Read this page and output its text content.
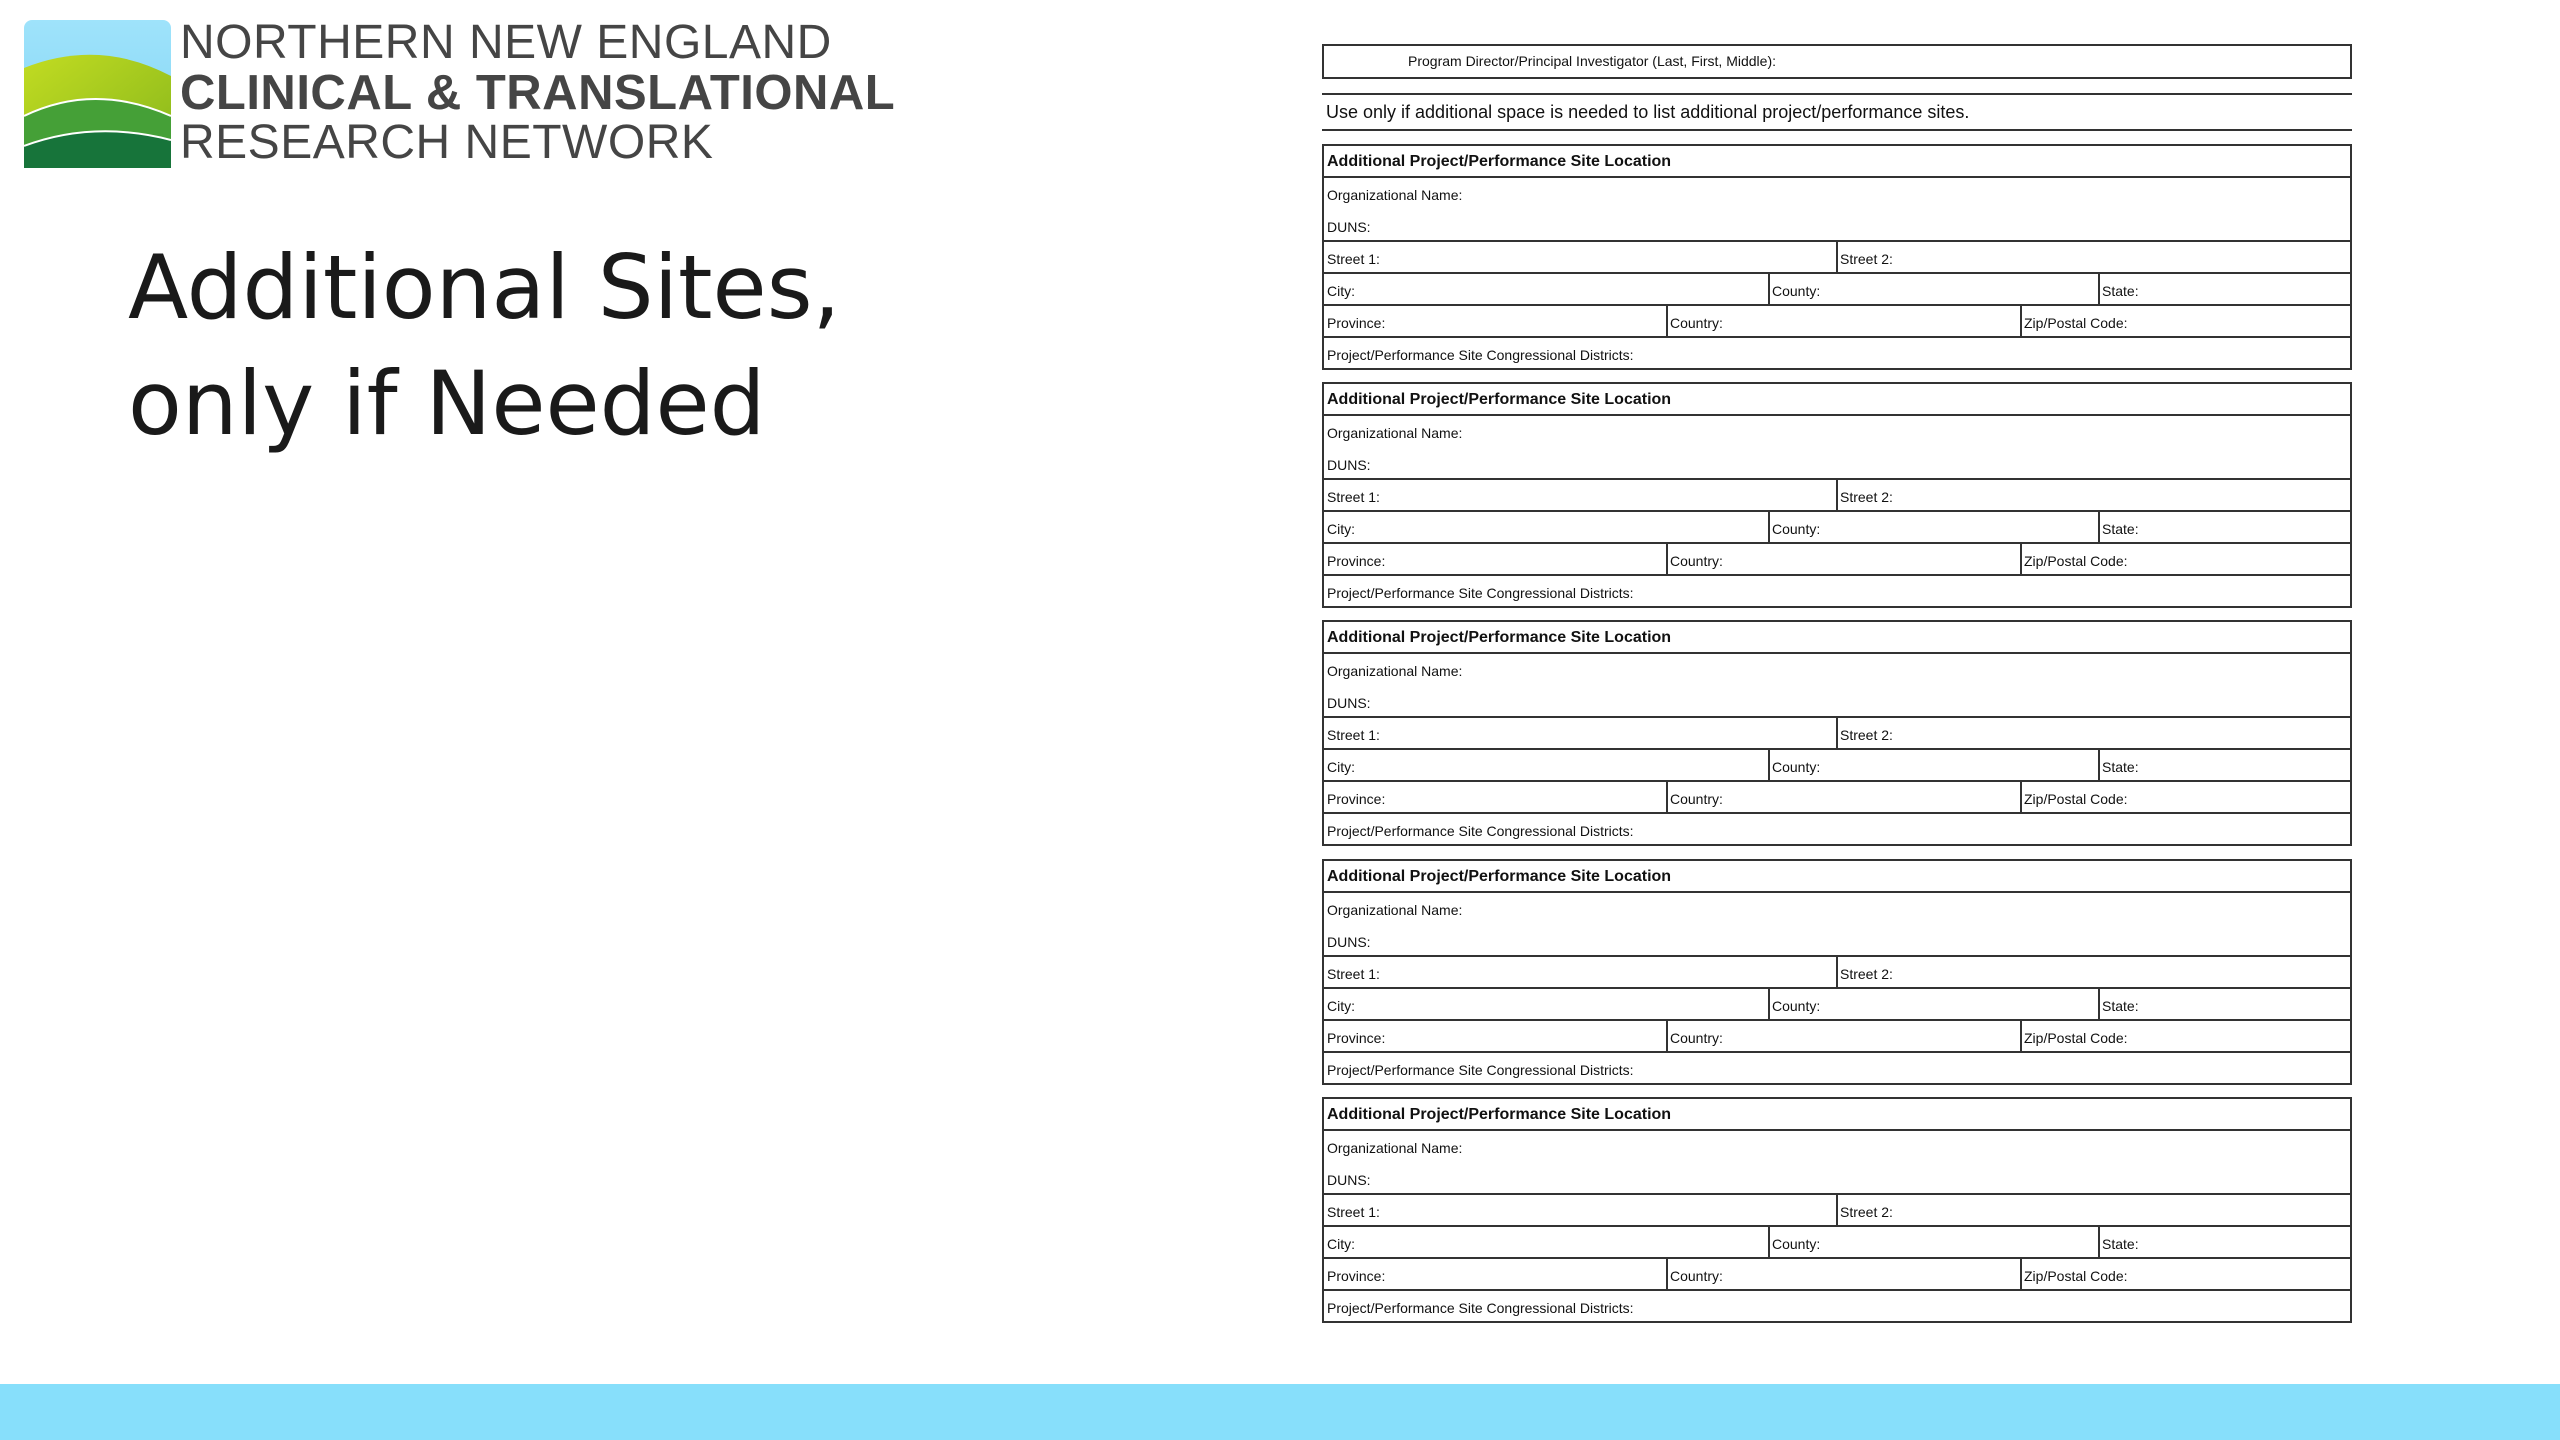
NORTHERN NEW ENGLAND
CLINICAL & TRANSLATIONAL
RESEARCH NETWORK
Additional Sites,
only if Needed
Program Director/Principal Investigator (Last, First, Middle):
Use only if additional space is needed to list additional project/performance sites.
Additional Project/Performance Site Location
Organizational Name:
DUNS:
Street 1:	Street 2:
City:	County:	State:
Province:	Country:	Zip/Postal Code:
Project/Performance Site Congressional Districts:
Additional Project/Performance Site Location
Organizational Name:
DUNS:
Street 1:	Street 2:
City:	County:	State:
Province:	Country:	Zip/Postal Code:
Project/Performance Site Congressional Districts:
Additional Project/Performance Site Location
Organizational Name:
DUNS:
Street 1:	Street 2:
City:	County:	State:
Province:	Country:	Zip/Postal Code:
Project/Performance Site Congressional Districts:
Additional Project/Performance Site Location
Organizational Name:
DUNS:
Street 1:	Street 2:
City:	County:	State:
Province:	Country:	Zip/Postal Code:
Project/Performance Site Congressional Districts:
Additional Project/Performance Site Location
Organizational Name:
DUNS:
Street 1:	Street 2:
City:	County:	State:
Province:	Country:	Zip/Postal Code:
Project/Performance Site Congressional Districts:
